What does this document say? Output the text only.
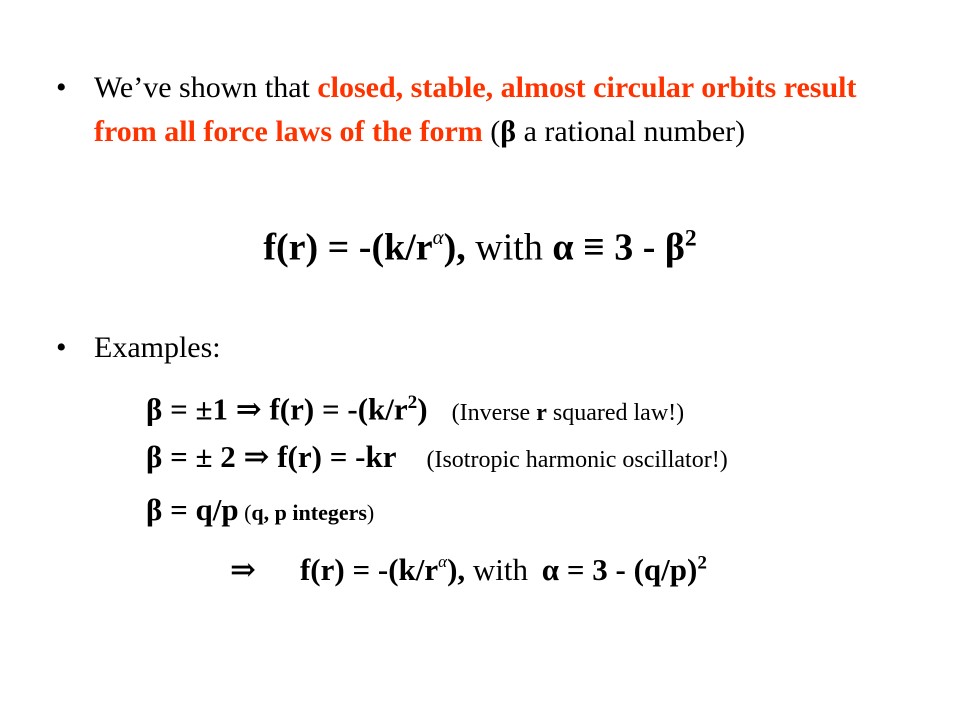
• We’ve shown that closed, stable, almost circular orbits result from all force laws of the form (β a rational number)
$f(r) = -(k/r^\alpha)$, with $\alpha \equiv 3 - \beta^2$
• Examples:
β = ±1 ⇒ $f(r) = -(k/r^2)$ (Inverse r squared law!)
β = ± 2 ⇒ f(r) = -kr (Isotropic harmonic oscillator!)
β = q/p (q, p integers)
⇒ $f(r) = -(k/r^\alpha)$, with $\alpha = 3 - (q/p)^2$
